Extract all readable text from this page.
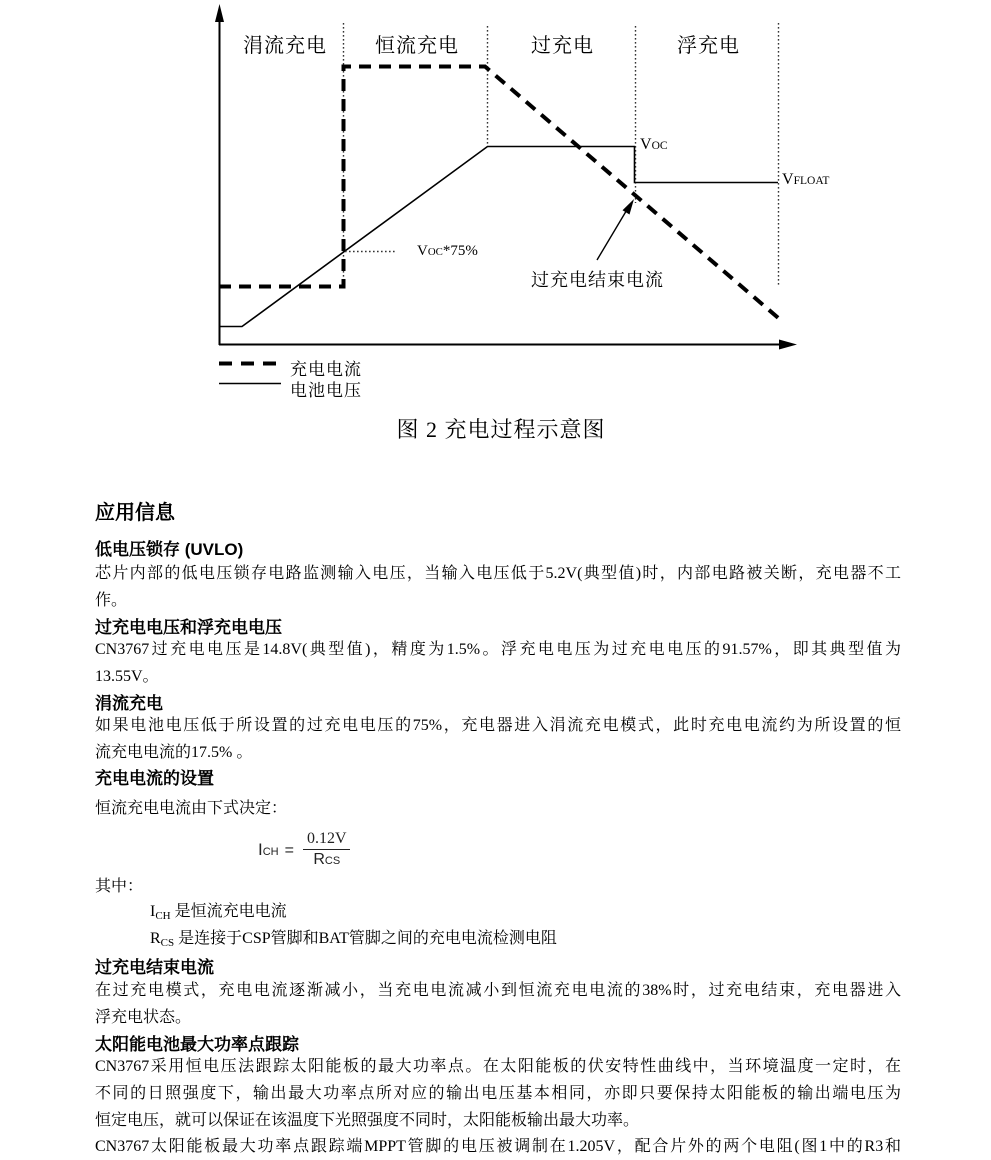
涓流充电 恒流充电	过充电	浮充电
VOC
VFLOAT
VOC*75%
过充电结束电流
充电电流
电池电压
图 2 充电过程示意图
应用信息
低电压锁存 (UVLO)
芯片内部的低电压锁存电路监测输入电压，当输入电压低于5.2V(典型值)时，内部电路被关断，充电器不工
作。
过充电电压和浮充电电压
CN3767过充电电压是14.8V(典型值)，精度为1.5%。浮充电电压为过充电电压的91.57%，即其典型值为
13.55V。
涓流充电
如果电池电压低于所设置的过充电电压的75%，充电器进入涓流充电模式，此时充电电流约为所设置的恒
流充电电流的17.5% 。
充电电流的设置
恒流充电电流由下式决定：
ICH = $\frac{0.12V}{\text{RCS}}$
其中：
ICH 是恒流充电电流
RCS 是连接于CSP管脚和BAT管脚之间的充电电流检测电阻
过充电结束电流
在过充电模式，充电电流逐渐减小，当充电电流减小到恒流充电电流的38%时，过充电结束，充电器进入
浮充电状态。
太阳能电池最大功率点跟踪
CN3767采用恒电压法跟踪太阳能板的最大功率点。在太阳能板的伏安特性曲线中，当环境温度一定时，在
不同的日照强度下，输出最大功率点所对应的输出电压基本相同，亦即只要保持太阳能板的输出端电压为
恒定电压，就可以保证在该温度下光照强度不同时，太阳能板输出最大功率。
CN3767太阳能板最大功率点跟踪端MPPT管脚的电压被调制在1.205V，配合片外的两个电阻(图1中的R3和
